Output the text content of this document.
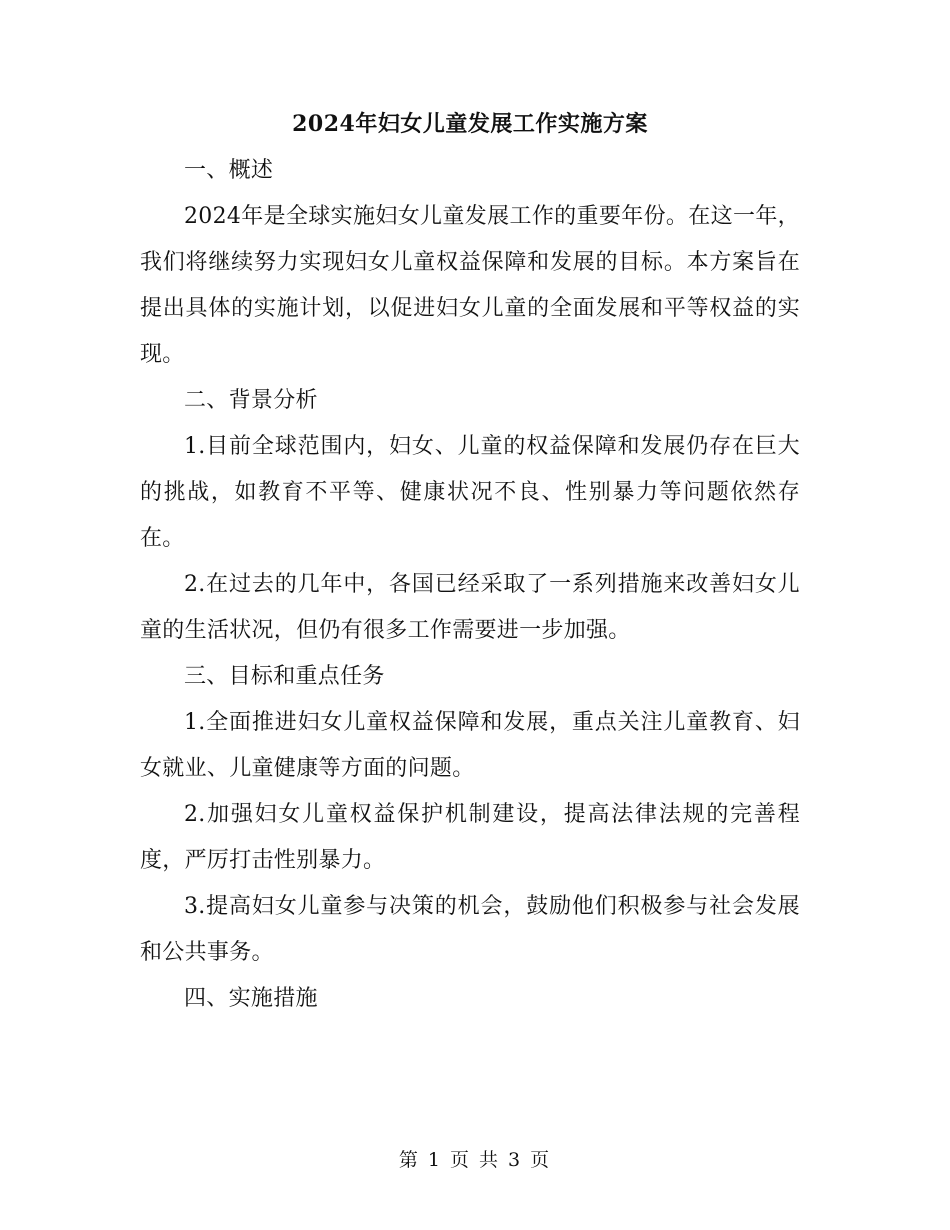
2024年妇女儿童发展工作实施方案

一、概述

2024年是全球实施妇女儿童发展工作的重要年份。在这一年，我们将继续努力实现妇女儿童权益保障和发展的目标。本方案旨在提出具体的实施计划，以促进妇女儿童的全面发展和平等权益的实现。

二、背景分析

1.目前全球范围内，妇女、儿童的权益保障和发展仍存在巨大的挑战，如教育不平等、健康状况不良、性别暴力等问题依然存在。

2.在过去的几年中，各国已经采取了一系列措施来改善妇女儿童的生活状况，但仍有很多工作需要进一步加强。

三、目标和重点任务

1.全面推进妇女儿童权益保障和发展，重点关注儿童教育、妇女就业、儿童健康等方面的问题。

2.加强妇女儿童权益保护机制建设，提高法律法规的完善程度，严厉打击性别暴力。

3.提高妇女儿童参与决策的机会，鼓励他们积极参与社会发展和公共事务。

四、实施措施

第 1 页 共 3 页
